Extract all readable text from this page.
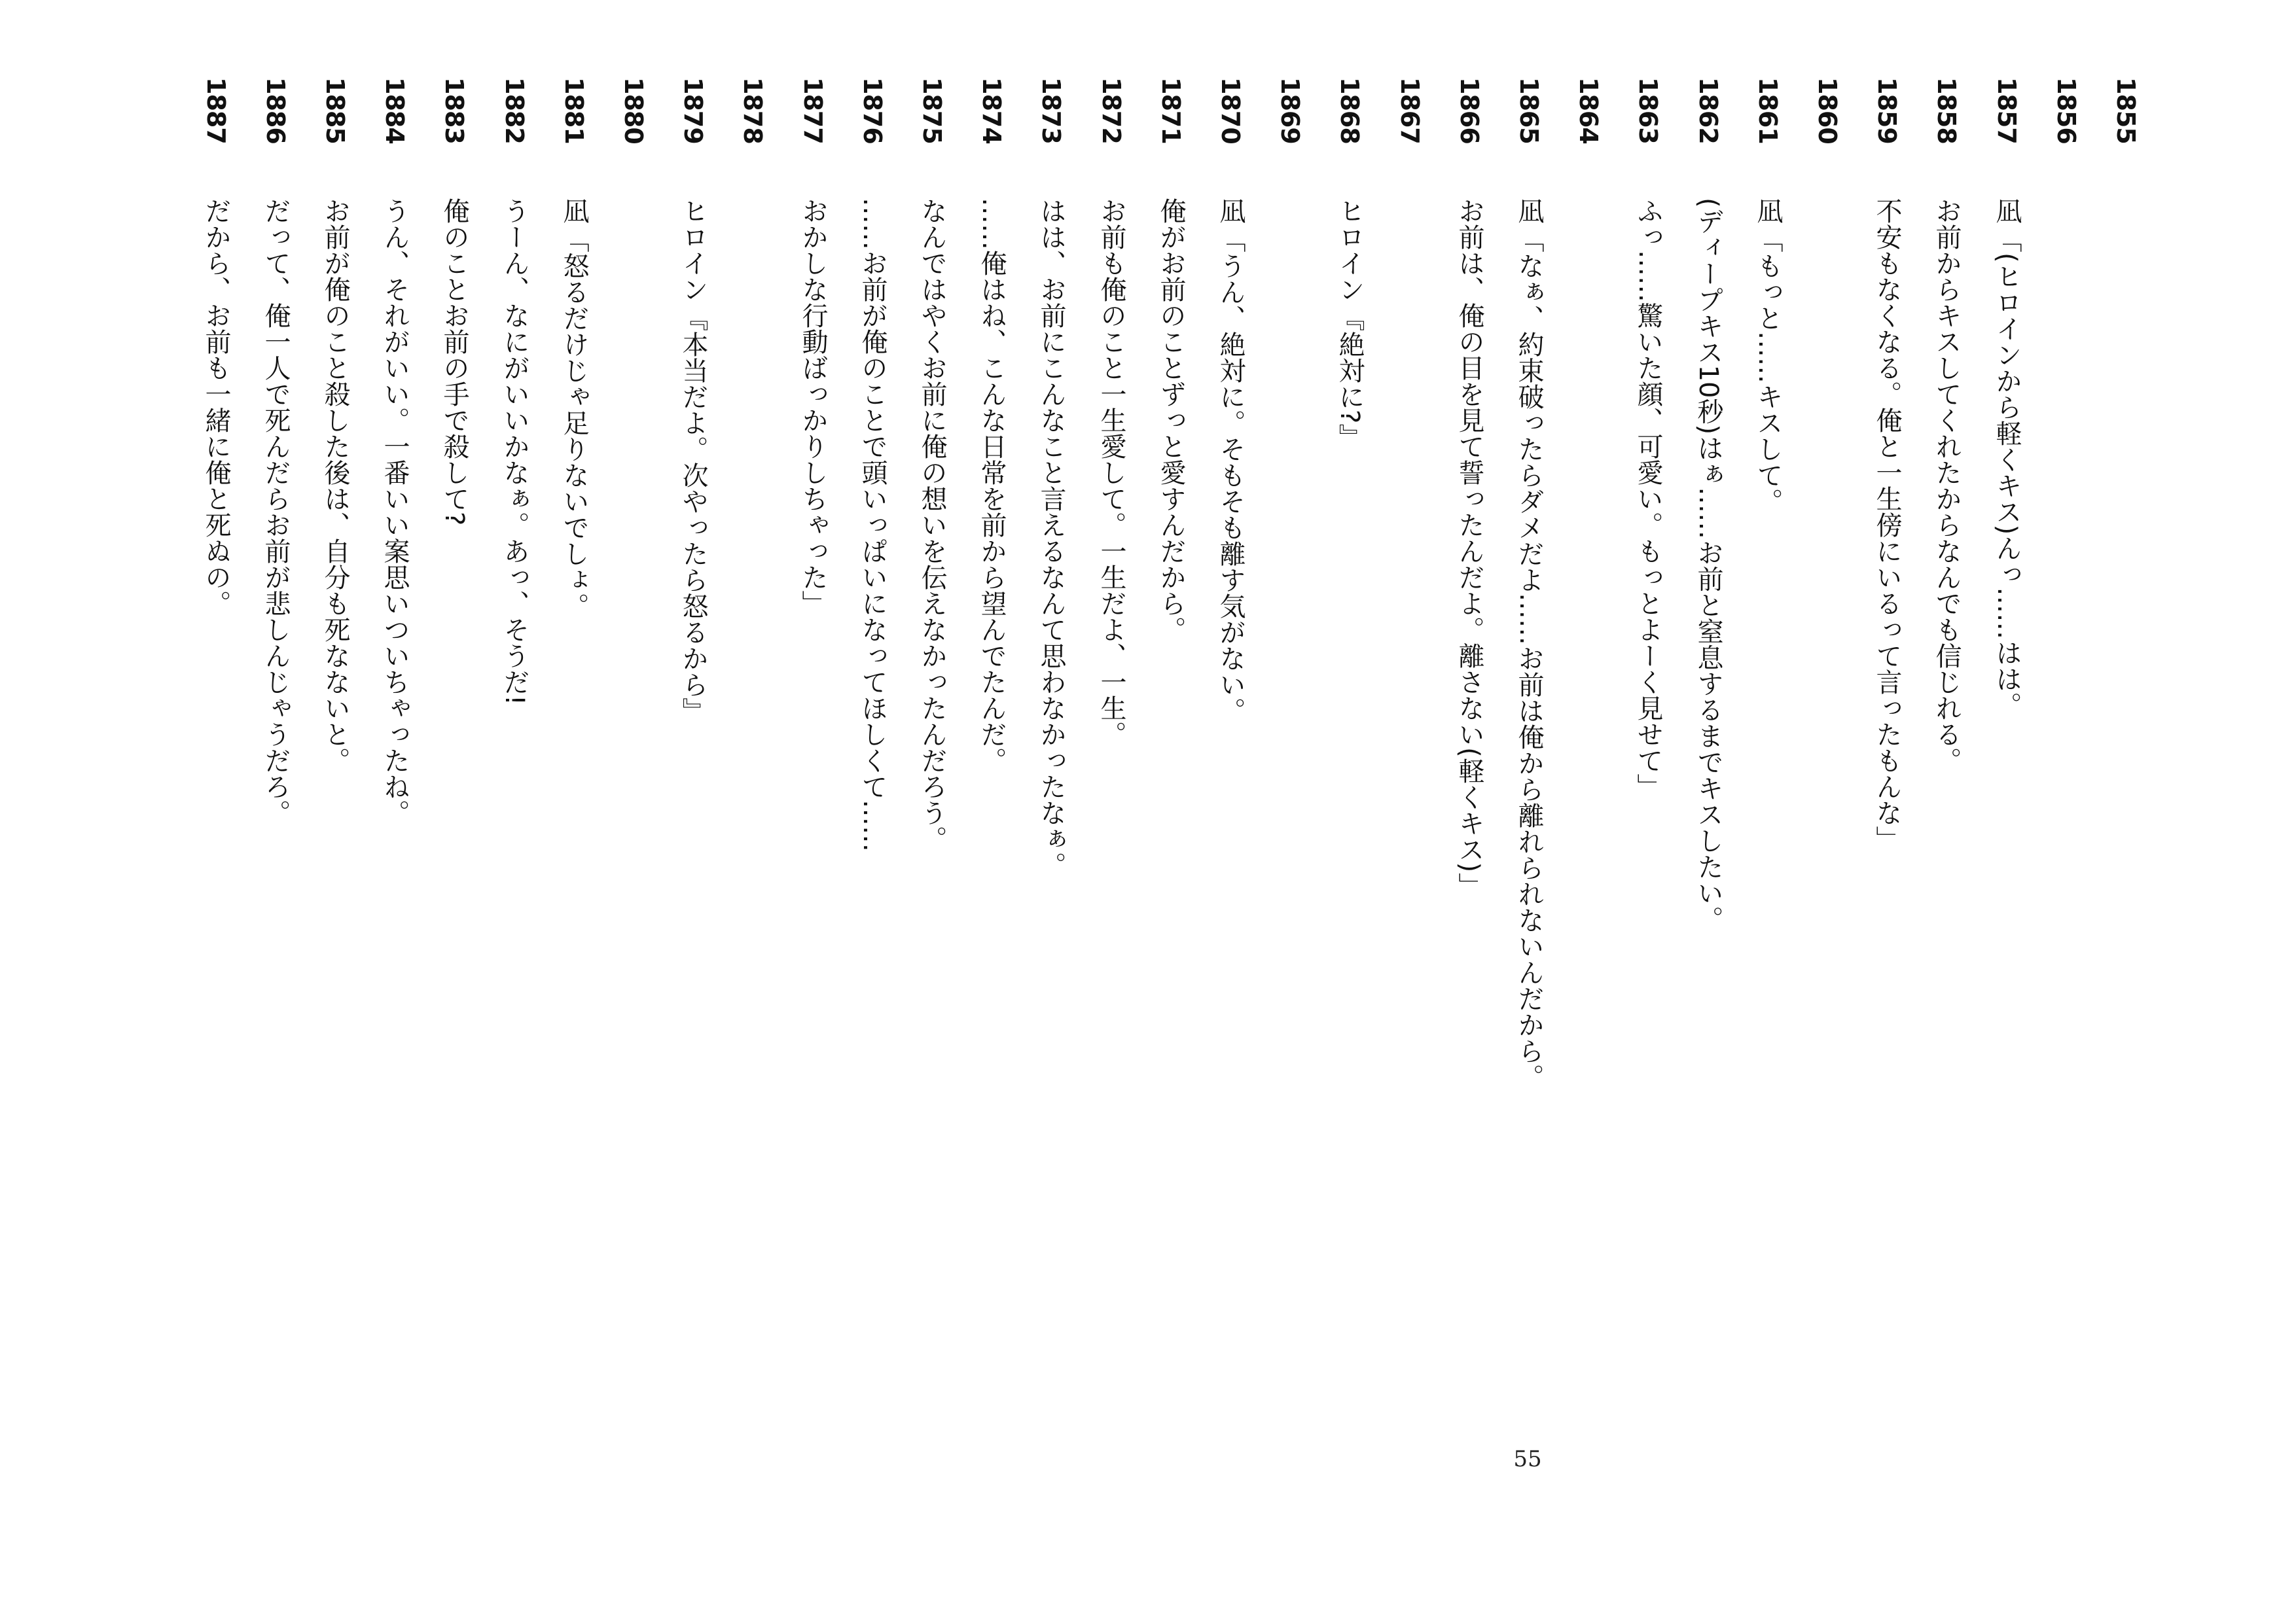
1855
1856
1857
凪
「(ヒロインから軽くキス)んっ……はは。
1858
お前からキスしてくれたからなんでも信じれる。
1859
不安もなくなる。俺と一生傍にいるって言ったもんな」
1860
1861
凪
「もっと……キスして。
1862
(ディープキス10秒)はぁ……お前と窒息するまでキスしたい。
1863
ふっ……驚いた顔、可愛い。もっとよーく見せて」
1864
1865
凪
「なぁ、約束破ったらダメだよ……お前は俺から離れられないんだから。
1866
お前は、俺の目を見て誓ったんだよ。離さない(軽くキス)」
1867
1868
ヒロイン
『絶対に?』
1869
1870
凪
「うん、絶対に。そもそも離す気がない。
1871
俺がお前のことずっと愛すんだから。
1872
お前も俺のこと一生愛して。一生だよ、一生。
1873
はは、お前にこんなこと言えるなんて思わなかったなぁ。
1874
……俺はね、こんな日常を前から望んでたんだ。
1875
なんではやくお前に俺の想いを伝えなかったんだろう。
1876
……お前が俺のことで頭いっぱいになってほしくて……
1877
おかしな行動ばっかりしちゃった」
1878
1879
ヒロイン
『本当だよ。次やったら怒るから』
1880
1881
凪
「怒るだけじゃ足りないでしょ。
1882
うーん、なにがいいかなぁ。あっ、そうだ!
1883
俺のことお前の手で殺して?
1884
うん、それがいい。一番いい案思いついちゃったね。
1885
お前が俺のこと殺した後は、自分も死なないと。
1886
だって、俺一人で死んだらお前が悲しんじゃうだろ。
1887
だから、お前も一緒に俺と死ぬの。
55
